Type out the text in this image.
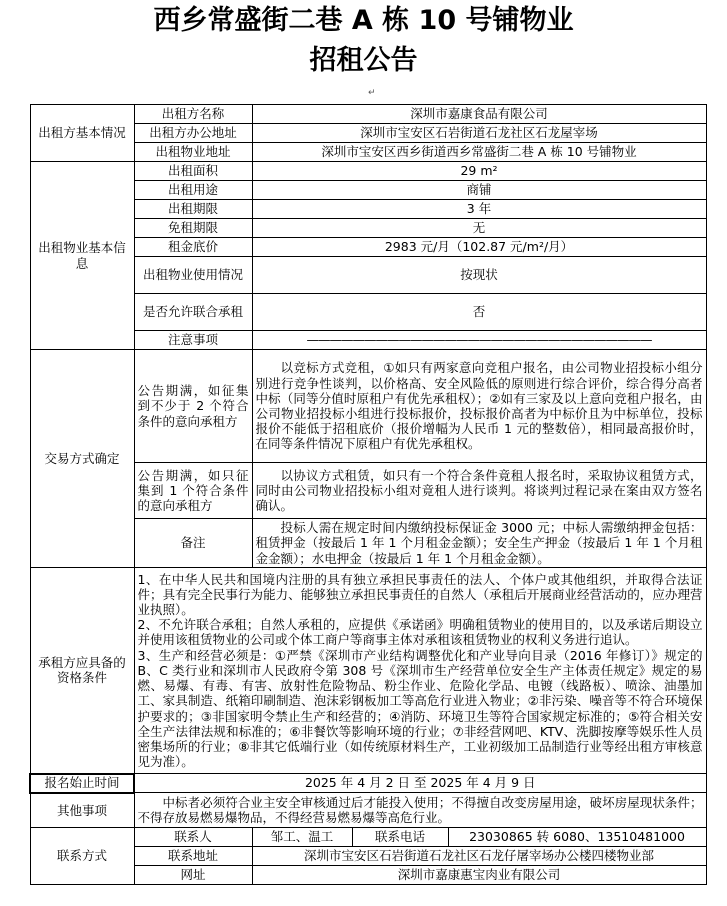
西乡常盛街二巷 A 栋 10 号铺物业
招租公告
↵
出租方基本情况	出租方名称	深圳市嘉康食品有限公司		
	出租方办公地址	深圳市宝安区石岩街道石龙社区石龙屋宰场		
	出租物业地址	深圳市宝安区西乡街道西乡常盛街二巷 A 栋 10 号铺物业		
出租物业基本信息	出租面积	29 m²		
	出租用途	商铺		
	出租期限	3 年		
	免租期限	无		
	租金底价	2983 元/月（102.87 元/m²/月）		
	出租物业使用情况	按现状		
	是否允许联合承租	否		
	注意事项	——————————————————————————————		
交易方式确定	公告期满，如征集到不少于 2 个符合条件的意向承租方	以竞标方式竞租，①如只有两家意向竞租户报名，由公司物业招投标小组分别进行竞争性谈判，以价格高、安全风险低的原则进行综合评价，综合得分高者中标（同等分值时原租户有优先承租权）；②如有三家及以上意向竞租户报名，由公司物业招投标小组进行投标报价，投标报价高者为中标价且为中标单位，投标报价不能低于招租底价（报价增幅为人民币 1 元的整数倍），相同最高报价时，在同等条件情况下原租户有优先承租权。		
	公告期满，如只征集到 1 个符合条件的意向承租方	以协议方式租赁，如只有一个符合条件竟租人报名时，采取协议租赁方式，同时由公司物业招投标小组对竟租人进行谈判。将谈判过程记录在案由双方签名确认。		
	备注	投标人需在规定时间内缴纳投标保证金 3000 元；中标人需缴纳押金包括：租赁押金（按最后 1 年 1 个月租金金额）；安全生产押金（按最后 1 年 1 个月租金金额）；水电押金（按最后 1 年 1 个月租金金额）。		
承租方应具备的资格条件	1、在中华人民共和国境内注册的具有独立承担民事责任的法人、个体户或其他组织，并取得合法证件；具有完全民事行为能力、能够独立承担民事责任的自然人（承租后开展商业经营活动的，应办理营业执照）。
2、不允许联合承租；自然人承租的，应提供《承诺函》明确租赁物业的使用目的，以及承诺后期设立并使用该租赁物业的公司或个体工商户等商事主体对承租该租赁物业的权利义务进行追认。
3、生产和经营必须是：①严禁《深圳市产业结构调整优化和产业导向目录（2016 年修订）》规定的 B、C 类行业和深圳市人民政府令第 308 号《深圳市生产经营单位安全生产主体责任规定》规定的易燃、易爆、有毒、有害、放射性危险物品、粉尘作业、危险化学品、电镀（线路板）、喷涂、油墨加工、家具制造、纸箱印刷制造、泡沫彩钢板加工等高危行业进入物业；②非污染、噪音等不符合环境保护要求的；③非国家明令禁止生产和经营的；④消防、环境卫生等符合国家规定标准的；⑤符合相关安全生产法律法规和标准的；⑥非餐饮等影响环境的行业；⑦非经营网吧、KTV、洗脚按摩等娱乐性人员密集场所的行业；⑧非其它低端行业（如传统原材料生产，工业初级加工品制造行业等经出租方审核意见为准）。			

报名始止时间	2025 年 4 月 2 日 至 2025 年 4 月 9 日			
其他事项	中标者必须符合业主安全审核通过后才能投入使用；不得擅自改变房屋用途，破坏房屋现状条件；不得存放易燃易爆物品，不得经营易燃易爆等高危行业。			
联系方式	联系人	邹工、温工	联系电话	23030865 转 6080、13510481000
	联系地址	深圳市宝安区石岩街道石龙社区石龙仔屠宰场办公楼四楼物业部		
	网址	深圳市嘉康惠宝肉业有限公司		
